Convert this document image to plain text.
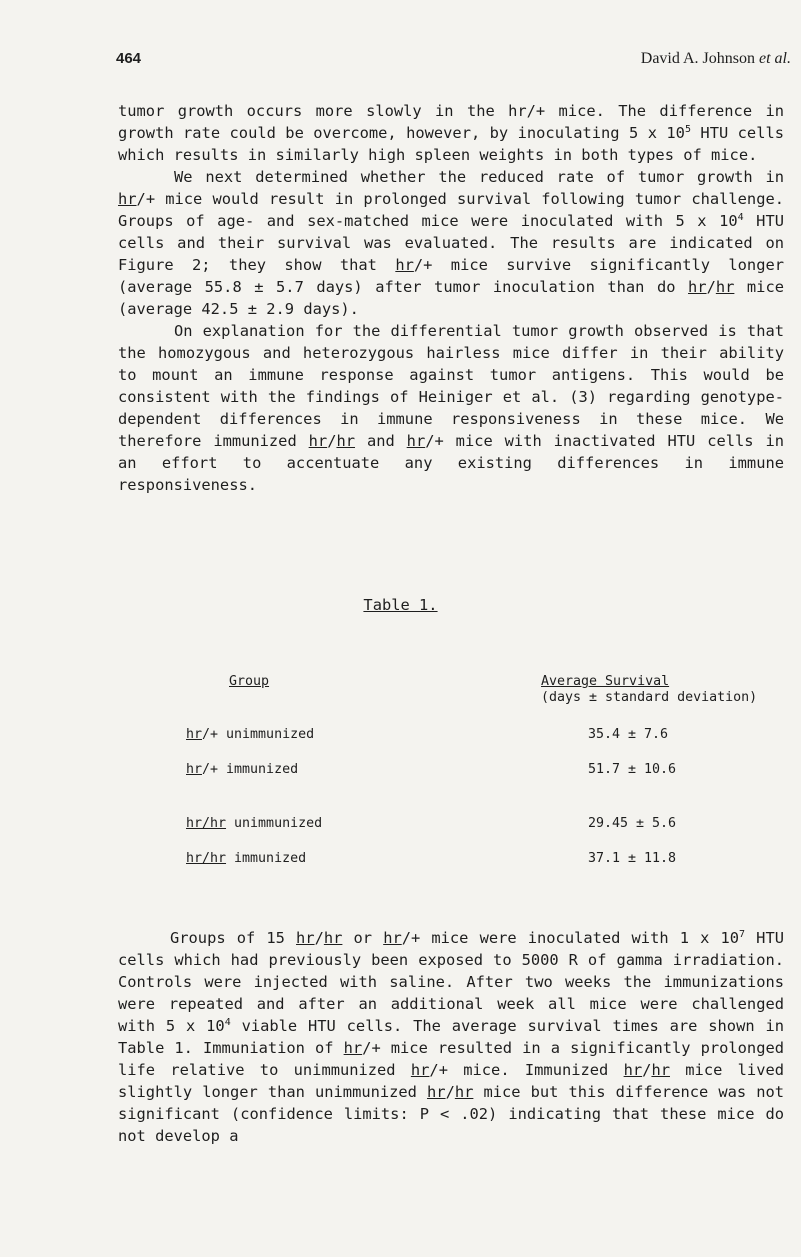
464	David A. Johnson et al.

tumor growth occurs more slowly in the hr/+ mice. The difference in growth rate could be overcome, however, by inoculating 5 x $10^5$ HTU cells which results in similarly high spleen weights in both types of mice.

We next determined whether the reduced rate of tumor growth in hr/+ mice would result in prolonged survival following tumor challenge. Groups of age- and sex-matched mice were inoculated with 5 x $10^4$ HTU cells and their survival was evaluated. The results are indicated on Figure 2; they show that hr/+ mice survive significantly longer (average 55.8 ± 5.7 days) after tumor inoculation than do hr/hr mice (average 42.5 ± 2.9 days).

On explanation for the differential tumor growth observed is that the homozygous and heterozygous hairless mice differ in their ability to mount an immune response against tumor antigens. This would be consistent with the findings of Heiniger et al. (3) regarding genotype-dependent differences in immune responsiveness in these mice. We therefore immunized hr/hr and hr/+ mice with inactivated HTU cells in an effort to accentuate any existing differences in immune responsiveness.

Table 1.
Group	Average Survival
(days ± standard deviation)
hr/+ unimmunized	35.4 ± 7.6
hr/+ immunized	51.7 ± 10.6
hr/hr unimmunized	29.45 ± 5.6
hr/hr immunized	37.1 ± 11.8

Groups of 15 hr/hr or hr/+ mice were inoculated with 1 x $10^7$ HTU cells which had previously been exposed to 5000 R of gamma irradiation. Controls were injected with saline. After two weeks the immunizations were repeated and after an additional week all mice were challenged with 5 x $10^4$ viable HTU cells. The average survival times are shown in Table 1. Immuniation of hr/+ mice resulted in a significantly prolonged life relative to unimmunized hr/+ mice. Immunized hr/hr mice lived slightly longer than unimmunized hr/hr mice but this difference was not significant (confidence limits: P < .02) indicating that these mice do not develop a
